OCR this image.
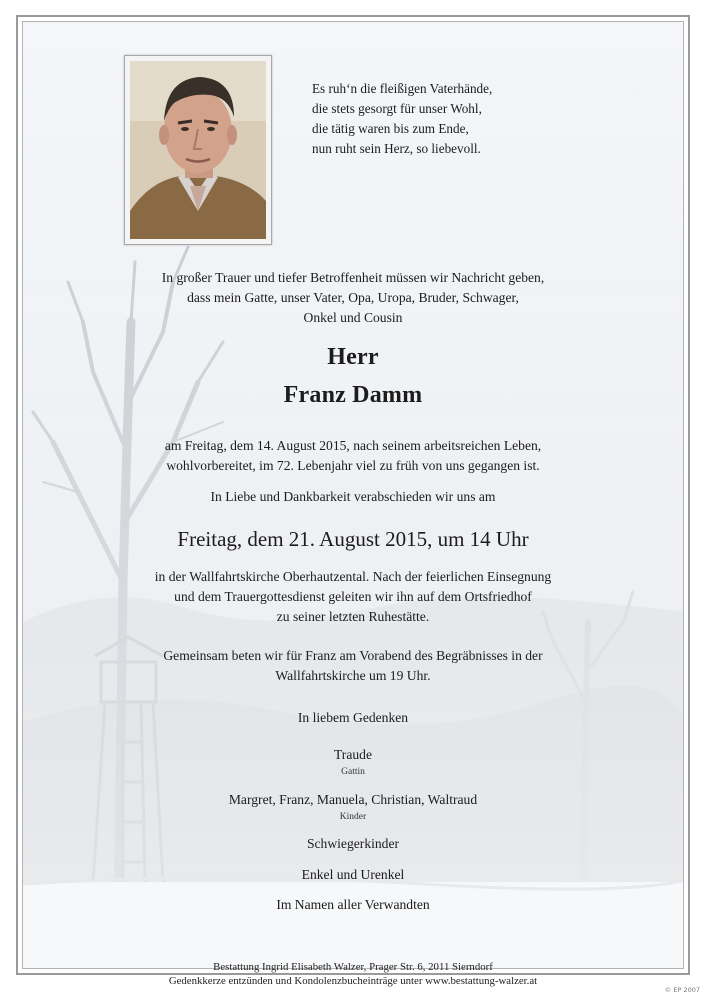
Es ruh‘n die fleißigen Vaterhände,
die stets gesorgt für unser Wohl,
die tätig waren bis zum Ende,
nun ruht sein Herz, so liebevoll.
In großer Trauer und tiefer Betroffenheit müssen wir Nachricht geben,
dass mein Gatte, unser Vater, Opa, Uropa, Bruder, Schwager,
Onkel und Cousin
Herr
Franz Damm
am Freitag, dem 14. August 2015, nach seinem arbeitsreichen Leben,
wohlvorbereitet, im 72. Lebenjahr viel zu früh von uns gegangen ist.
In Liebe und Dankbarkeit verabschieden wir uns am
Freitag, dem 21. August 2015, um 14 Uhr
in der Wallfahrtskirche Oberhautzental. Nach der feierlichen Einsegnung
und dem Trauergottesdienst geleiten wir ihn auf dem Ortsfriedhof
zu seiner letzten Ruhestätte.
Gemeinsam beten wir für Franz am Vorabend des Begräbnisses in der
Wallfahrtskirche um 19 Uhr.
In liebem Gedenken
Traude
Gattin
Margret, Franz, Manuela, Christian, Waltraud
Kinder
Schwiegerkinder
Enkel und Urenkel
Im Namen aller Verwandten
Bestattung Ingrid Elisabeth Walzer, Prager Str. 6, 2011 Sierndorf
Gedenkkerze entzünden und Kondolenzbucheinträge unter www.bestattung-walzer.at
© EP 2007
